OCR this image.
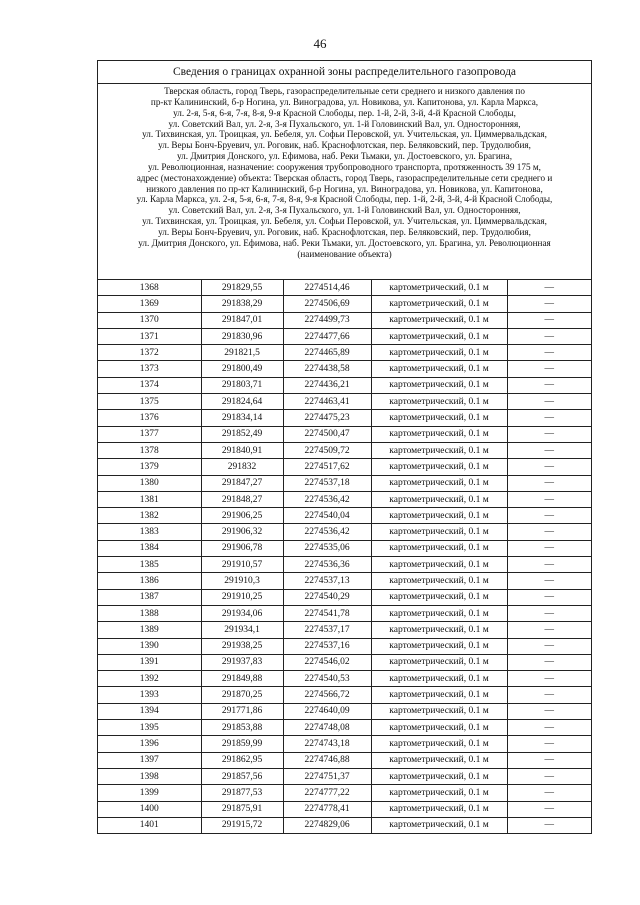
46
Сведения о границах охранной зоны распределительного газопровода
Тверская область, город Тверь, газораспределительные сети среднего и низкого давления по
пр-кт Калининский, б-р Ногина, ул. Виноградова, ул. Новикова, ул. Капитонова, ул. Карла Маркса,
ул. 2-я, 5-я, 6-я, 7-я, 8-я, 9-я Красной Слободы, пер. 1-й, 2-й, 3-й, 4-й Красной Слободы,
ул. Советский Вал, ул. 2-я, 3-я Пухальского, ул. 1-й Головинский Вал, ул. Односторонняя,
ул. Тихвинская, ул. Троицкая, ул. Бебеля, ул. Софьи Перовской, ул. Учительская, ул. Циммервальдская,
ул. Веры Бонч-Бруевич, ул. Роговик, наб. Краснофлотская, пер. Беляковский, пер. Трудолюбия,
ул. Дмитрия Донского, ул. Ефимова, наб. Реки Тьмаки, ул. Достоевского, ул. Брагина,
ул. Революционная, назначение: сооружения трубопроводного транспорта, протяженность 39 175 м,
адрес (местонахождение) объекта: Тверская область, город Тверь, газораспределительные сети среднего и
низкого давления по пр-кт Калининский, б-р Ногина, ул. Виноградова, ул. Новикова, ул. Капитонова,
ул. Карла Маркса, ул. 2-я, 5-я, 6-я, 7-я, 8-я, 9-я Красной Слободы, пер. 1-й, 2-й, 3-й, 4-й Красной Слободы,
ул. Советский Вал, ул. 2-я, 3-я Пухальского, ул. 1-й Головинский Вал, ул. Односторонняя,
ул. Тихвинская, ул. Троицкая, ул. Бебеля, ул. Софьи Перовской, ул. Учительская, ул. Циммервальдская,
ул. Веры Бонч-Бруевич, ул. Роговик, наб. Краснофлотская, пер. Беляковский, пер. Трудолюбия,
ул. Дмитрия Донского, ул. Ефимова, наб. Реки Тьмаки, ул. Достоевского, ул. Брагина, ул. Революционная
(наименование объекта)
1368	291829,55	2274514,46	картометрический, 0.1 м	—
1369	291838,29	2274506,69	картометрический, 0.1 м	—
1370	291847,01	2274499,73	картометрический, 0.1 м	—
1371	291830,96	2274477,66	картометрический, 0.1 м	—
1372	291821,5	2274465,89	картометрический, 0.1 м	—
1373	291800,49	2274438,58	картометрический, 0.1 м	—
1374	291803,71	2274436,21	картометрический, 0.1 м	—
1375	291824,64	2274463,41	картометрический, 0.1 м	—
1376	291834,14	2274475,23	картометрический, 0.1 м	—
1377	291852,49	2274500,47	картометрический, 0.1 м	—
1378	291840,91	2274509,72	картометрический, 0.1 м	—
1379	291832	2274517,62	картометрический, 0.1 м	—
1380	291847,27	2274537,18	картометрический, 0.1 м	—
1381	291848,27	2274536,42	картометрический, 0.1 м	—
1382	291906,25	2274540,04	картометрический, 0.1 м	—
1383	291906,32	2274536,42	картометрический, 0.1 м	—
1384	291906,78	2274535,06	картометрический, 0.1 м	—
1385	291910,57	2274536,36	картометрический, 0.1 м	—
1386	291910,3	2274537,13	картометрический, 0.1 м	—
1387	291910,25	2274540,29	картометрический, 0.1 м	—
1388	291934,06	2274541,78	картометрический, 0.1 м	—
1389	291934,1	2274537,17	картометрический, 0.1 м	—
1390	291938,25	2274537,16	картометрический, 0.1 м	—
1391	291937,83	2274546,02	картометрический, 0.1 м	—
1392	291849,88	2274540,53	картометрический, 0.1 м	—
1393	291870,25	2274566,72	картометрический, 0.1 м	—
1394	291771,86	2274640,09	картометрический, 0.1 м	—
1395	291853,88	2274748,08	картометрический, 0.1 м	—
1396	291859,99	2274743,18	картометрический, 0.1 м	—
1397	291862,95	2274746,88	картометрический, 0.1 м	—
1398	291857,56	2274751,37	картометрический, 0.1 м	—
1399	291877,53	2274777,22	картометрический, 0.1 м	—
1400	291875,91	2274778,41	картометрический, 0.1 м	—
1401	291915,72	2274829,06	картометрический, 0.1 м	—
